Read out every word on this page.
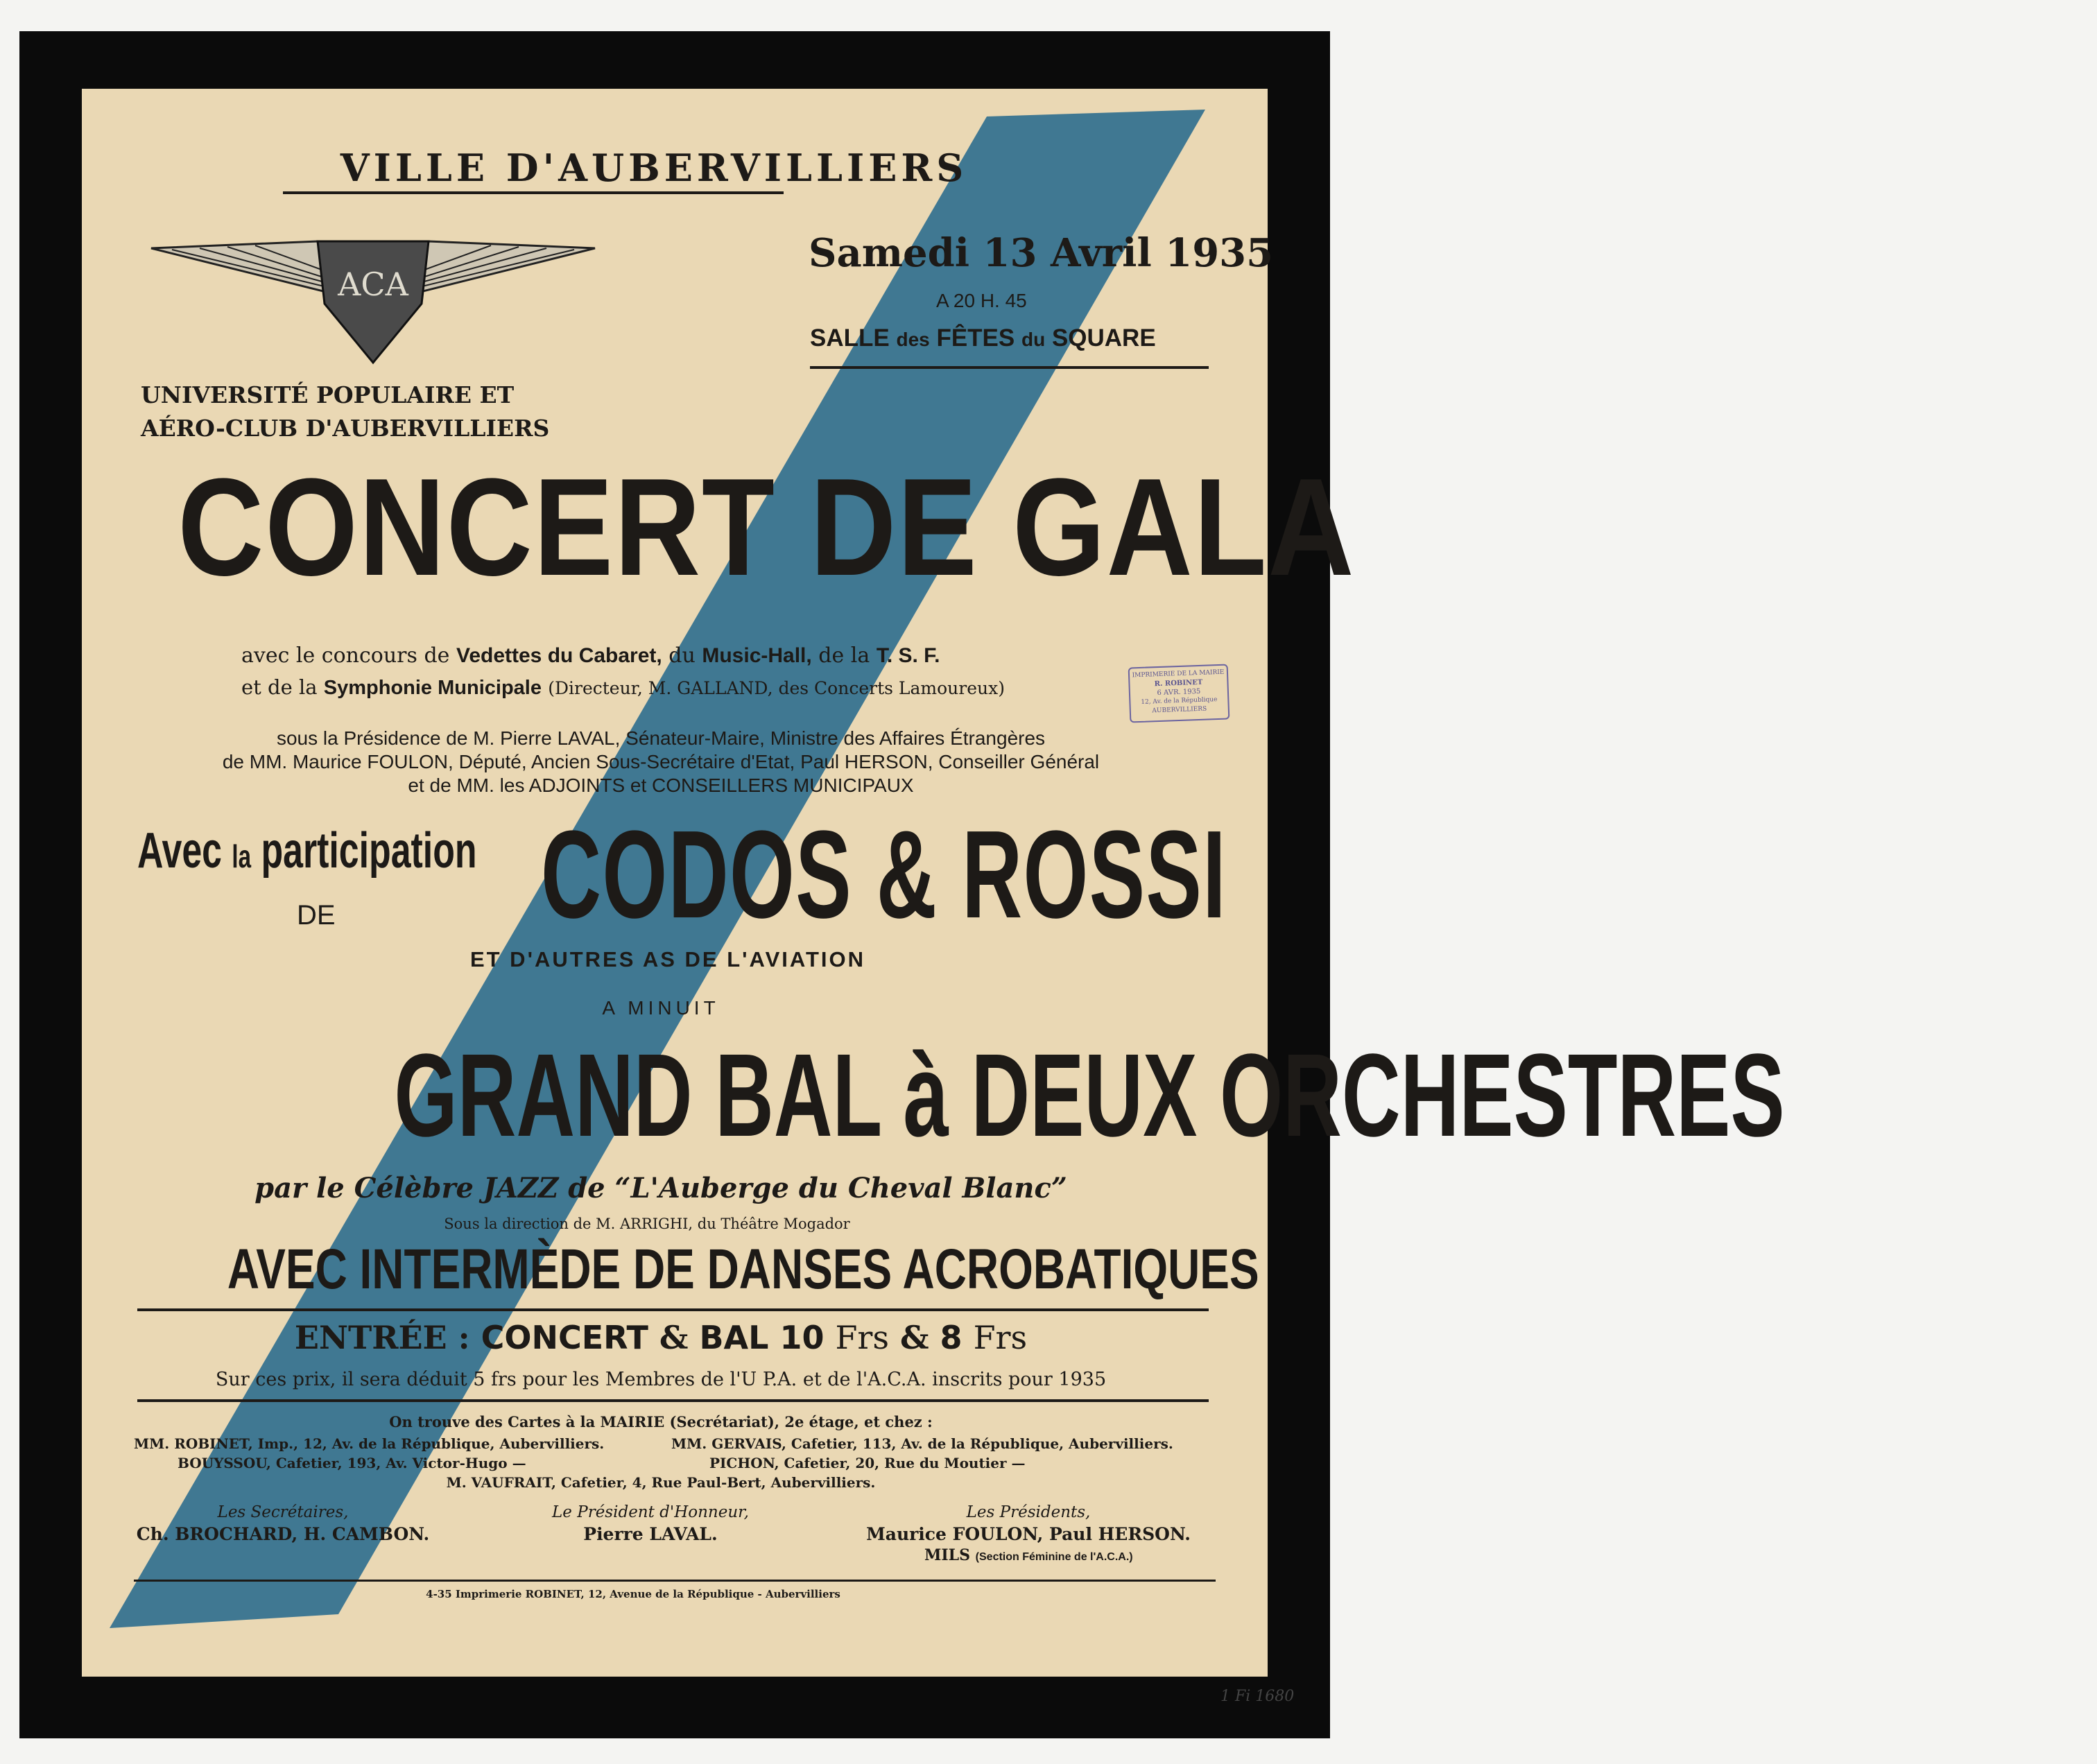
VILLE D'AUBERVILLIERS
ACA
Samedi 13 Avril 1935
A 20 H. 45
SALLE des FÊTES du SQUARE
UNIVERSITÉ POPULAIRE ET
AÉRO-CLUB D'AUBERVILLIERS
CONCERT DE GALA
avec le concours de Vedettes du Cabaret, du Music-Hall, de la T. S. F.
et de la Symphonie Municipale (Directeur, M. GALLAND, des Concerts Lamoureux)
sous la Présidence de M. Pierre LAVAL, Sénateur-Maire, Ministre des Affaires Étrangères
de MM. Maurice FOULON, Député, Ancien Sous-Secrétaire d'Etat, Paul HERSON, Conseiller Général
et de MM. les ADJOINTS et CONSEILLERS MUNICIPAUX
Avec la participation
DE CODOS & ROSSI
ET D'AUTRES AS DE L'AVIATION
A MINUIT
GRAND BAL à DEUX ORCHESTRES
par le Célèbre JAZZ de “L'Auberge du Cheval Blanc”
Sous la direction de M. ARRIGHI, du Théâtre Mogador
AVEC INTERMÈDE DE DANSES ACROBATIQUES
ENTRÉE : CONCERT & BAL 10 Frs & 8 Frs
Sur ces prix, il sera déduit 5 frs pour les Membres de l'U P.A. et de l'A.C.A. inscrits pour 1935
On trouve des Cartes à la MAIRIE (Secrétariat), 2e étage, et chez :
MM. ROBINET, Imp., 12, Av. de la République, Aubervilliers.	MM. GERVAIS, Cafetier, 113, Av. de la République, Aubervilliers.
BOUYSSOU, Cafetier, 193, Av. Victor-Hugo —	PICHON, Cafetier, 20, Rue du Moutier —
M. VAUFRAIT, Cafetier, 4, Rue Paul-Bert, Aubervilliers.
Les Secrétaires,
Ch. BROCHARD, H. CAMBON.
Le Président d'Honneur,
Pierre LAVAL.
Les Présidents,
Maurice FOULON, Paul HERSON.
MILS (Section Féminine de l'A.C.A.)
4-35 Imprimerie ROBINET, 12, Avenue de la République - Aubervilliers
IMPRIMERIE DE LA MAIRIE
R. ROBINET
6 AVR. 1935
12, Av. de la République
AUBERVILLIERS
1 Fi 1680
